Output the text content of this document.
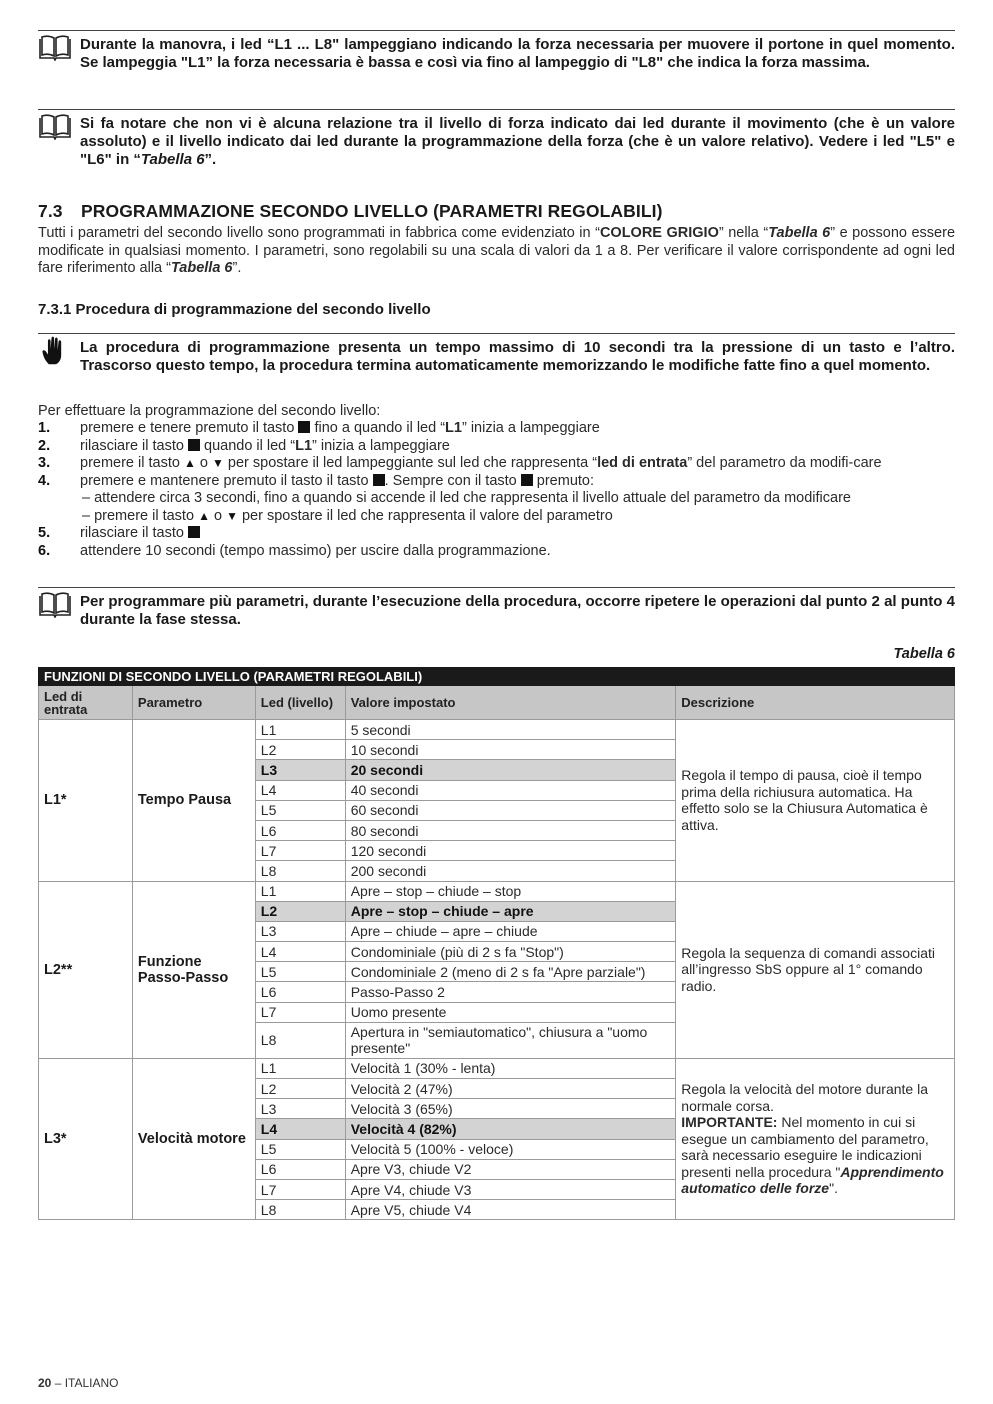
Durante la manovra, i led “L1 ... L8" lampeggiano indicando la forza necessaria per muovere il portone in quel momento. Se lampeggia "L1” la forza necessaria è bassa e così via fino al lampeggio di "L8" che indica la forza massima.
Si fa notare che non vi è alcuna relazione tra il livello di forza indicato dai led durante il movimento (che è un valore assoluto) e il livello indicato dai led durante la programmazione della forza (che è un valore relativo). Vedere i led "L5" e "L6" in “Tabella 6”.
7.3 PROGRAMMAZIONE SECONDO LIVELLO (PARAMETRI REGOLABILI)
Tutti i parametri del secondo livello sono programmati in fabbrica come evidenziato in “COLORE GRIGIO” nella “Tabella 6” e possono essere modificate in qualsiasi momento. I parametri, sono regolabili su una scala di valori da 1 a 8. Per verificare il valore corrispondente ad ogni led fare riferimento alla “Tabella 6”.
7.3.1 Procedura di programmazione del secondo livello
La procedura di programmazione presenta un tempo massimo di 10 secondi tra la pressione di un tasto e l’altro. Trascorso questo tempo, la procedura termina automaticamente memorizzando le modifiche fatte fino a quel momento.
Per effettuare la programmazione del secondo livello:
1. premere e tenere premuto il tasto  fino a quando il led “L1” inizia a lampeggiare
2. rilasciare il tasto  quando il led “L1” inizia a lampeggiare
3. premere il tasto ▲ o ▼ per spostare il led lampeggiante sul led che rappresenta “led di entrata” del parametro da modifi-care
4. premere e mantenere premuto il tasto il tasto . Sempre con il tasto  premuto:
– attendere circa 3 secondi, fino a quando si accende il led che rappresenta il livello attuale del parametro da modificare
– premere il tasto ▲ o ▼ per spostare il led che rappresenta il valore del parametro
5. rilasciare il tasto
6. attendere 10 secondi (tempo massimo) per uscire dalla programmazione.
Per programmare più parametri, durante l’esecuzione della procedura, occorre ripetere le operazioni dal punto 2 al punto 4 durante la fase stessa.
Tabella 6
FUNZIONI DI SECONDO LIVELLO (PARAMETRI REGOLABILI)				
Led di entrata	Parametro	Led (livello)	Valore impostato	Descrizione
L1*	Tempo Pausa	L1	5 secondi	Regola il tempo di pausa, cioè il tempo prima della richiusura automatica. Ha effetto solo se la Chiusura Automatica è attiva.
		L2	10 secondi	
		L3	20 secondi	
		L4	40 secondi	
		L5	60 secondi	
		L6	80 secondi	
		L7	120 secondi	
		L8	200 secondi	
L2**	Funzione Passo-Passo	L1	Apre – stop – chiude – stop	Regola la sequenza di comandi associati all’ingresso SbS oppure al 1° comando radio.
		L2	Apre – stop – chiude – apre	
		L3	Apre – chiude – apre – chiude	
		L4	Condominiale (più di 2 s fa "Stop")	
		L5	Condominiale 2 (meno di 2 s fa "Apre parziale")	
		L6	Passo-Passo 2	
		L7	Uomo presente	
		L8	Apertura in "semiautomatico", chiusura a "uomo presente"	
L3*	Velocità motore	L1	Velocità 1 (30% - lenta)	Regola la velocità del motore durante la normale corsa.
IMPORTANTE: Nel momento in cui si esegue un cambiamento del parametro, sarà necessario eseguire le indicazioni presenti nella procedura "Apprendimento automatico delle forze".
		L2	Velocità 2 (47%)	
		L3	Velocità 3 (65%)	
		L4	Velocità 4 (82%)	
		L5	Velocità 5 (100% - veloce)	
		L6	Apre V3, chiude V2	
		L7	Apre V4, chiude V3	
		L8	Apre V5, chiude V4	
20 – ITALIANO
